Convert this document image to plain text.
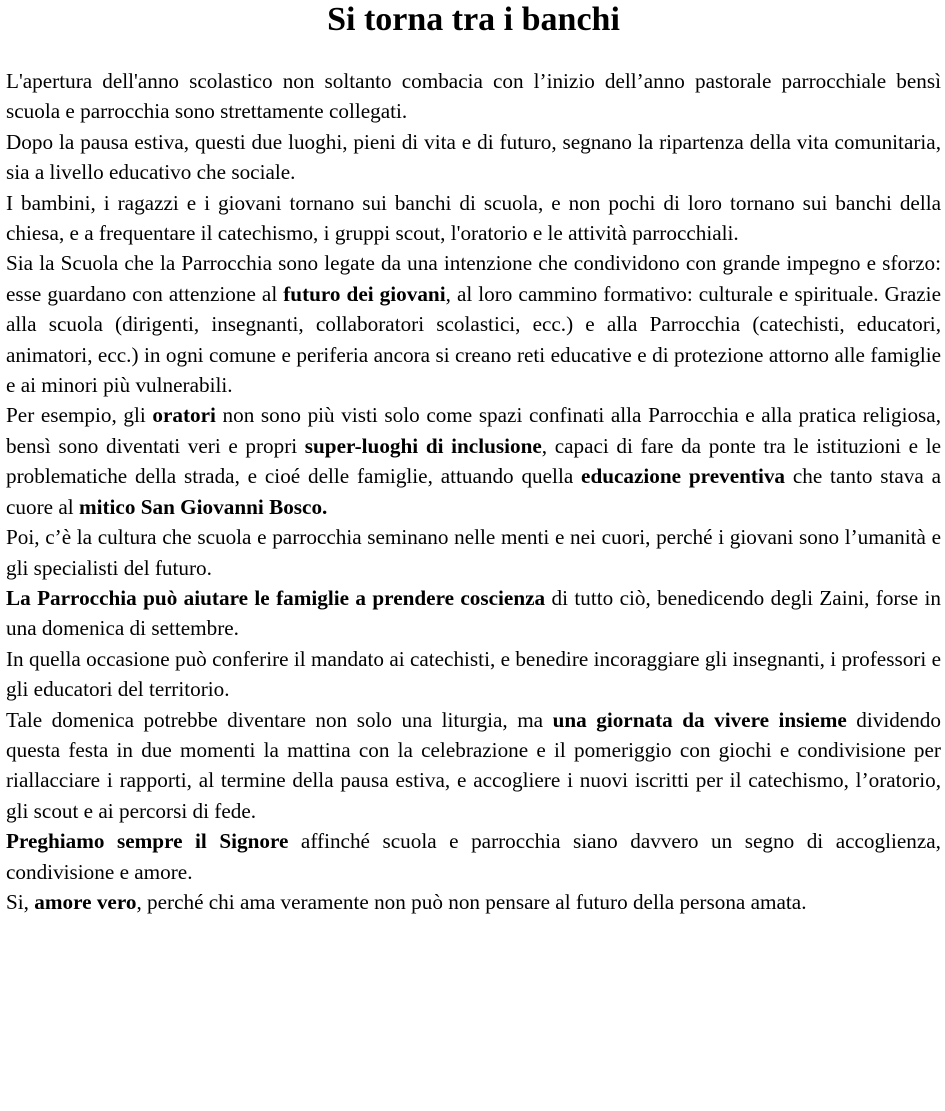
Si torna tra i banchi

L'apertura dell'anno scolastico non soltanto combacia con l’inizio dell’anno pastorale parrocchiale bensì scuola e parrocchia sono strettamente collegati.

Dopo la pausa estiva, questi due luoghi, pieni di vita e di futuro, segnano la ripartenza della vita comunitaria, sia a livello educativo che sociale.

I bambini, i ragazzi e i giovani tornano sui banchi di scuola, e non pochi di loro tornano sui banchi della chiesa, e a frequentare il catechismo, i gruppi scout, l'oratorio e le attività parrocchiali.

Sia la Scuola che la Parrocchia sono legate da una intenzione che condividono con grande impegno e sforzo: esse guardano con attenzione al futuro dei giovani, al loro cammino formativo: culturale e spirituale. Grazie alla scuola (dirigenti, insegnanti, collaboratori scolastici, ecc.) e alla Parrocchia (catechisti, educatori, animatori, ecc.) in ogni comune e periferia ancora si creano reti educative e di protezione attorno alle famiglie e ai minori più vulnerabili.

Per esempio, gli oratori non sono più visti solo come spazi confinati alla Parrocchia e alla pratica religiosa, bensì sono diventati veri e propri super-luoghi di inclusione, capaci di fare da ponte tra le istituzioni e le problematiche della strada, e cioé delle famiglie, attuando quella educazione preventiva che tanto stava a cuore al mitico San Giovanni Bosco.

Poi, c’è la cultura che scuola e parrocchia seminano nelle menti e nei cuori, perché i giovani sono l’umanità e gli specialisti del futuro.

La Parrocchia può aiutare le famiglie a prendere coscienza di tutto ciò, benedicendo degli Zaini, forse in una domenica di settembre.

In quella occasione può conferire il mandato ai catechisti, e benedire incoraggiare gli insegnanti, i professori e gli educatori del territorio.

Tale domenica potrebbe diventare non solo una liturgia, ma una giornata da vivere insieme dividendo questa festa in due momenti la mattina con la celebrazione e il pomeriggio con giochi e condivisione per riallacciare i rapporti, al termine della pausa estiva, e accogliere i nuovi iscritti per il catechismo, l’oratorio, gli scout e ai percorsi di fede.

Preghiamo sempre il Signore affinché scuola e parrocchia siano davvero un segno di accoglienza, condivisione e amore.

Si, amore vero, perché chi ama veramente non può non pensare al futuro della persona amata.
